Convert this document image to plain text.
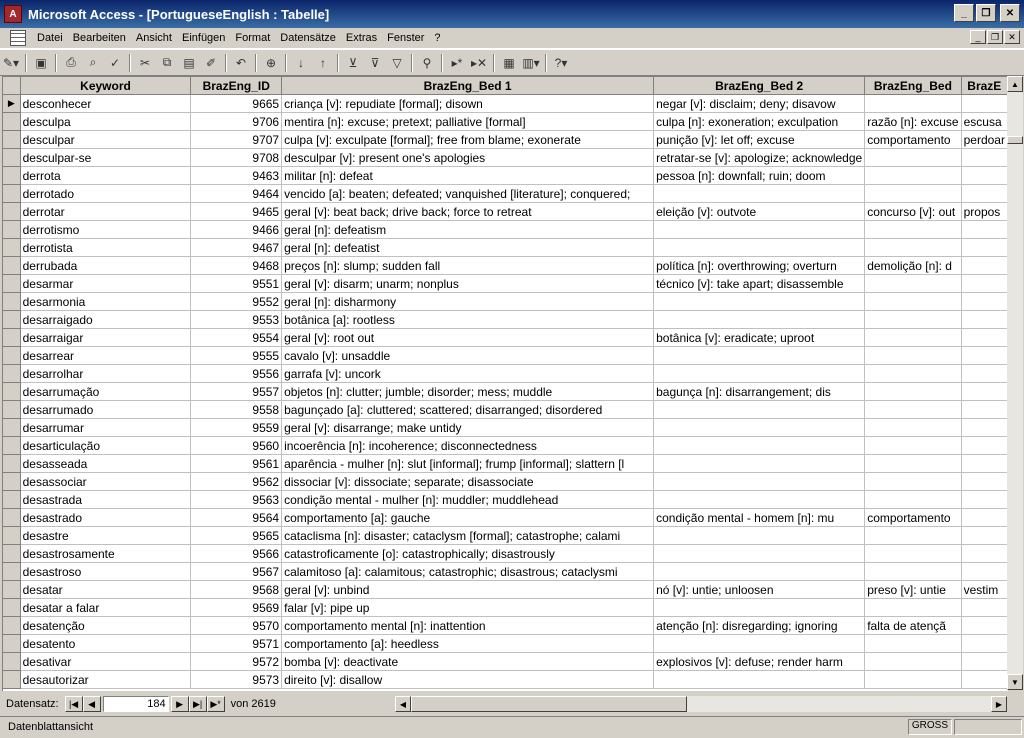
A Microsoft Access - [PortugueseEnglish : Tabelle]	_	❐	✕
Datei Bearbeiten Ansicht Einfügen Format Datensätze Extras Fenster ?	_	❐	✕
✎▾	▣	⎙	⌕	✓	✂	⧉	▤ ✐	↶	⊕	↓	↑	⊻	⊽	▽	⚲	▸* ▸✕	▦ ▥▾	?▾
	Keyword	BrazEng_ID	BrazEng_Bed 1	BrazEng_Bed 2	BrazEng_Bed	BrazE
▶	desconhecer	9665	criança [v]: repudiate [formal]; disown	negar [v]: disclaim; deny; disavow		
	desculpa	9706	mentira [n]: excuse; pretext; palliative [formal]	culpa [n]: exoneration; exculpation	razão [n]: excuse	escusa
	desculpar	9707	culpa [v]: exculpate [formal]; free from blame; exonerate	punição [v]: let off; excuse	comportamento	perdoar
	desculpar-se	9708	desculpar [v]: present one's apologies	retratar-se [v]: apologize; acknowledge		
	derrota	9463	militar [n]: defeat	pessoa [n]: downfall; ruin; doom		
	derrotado	9464	vencido [a]: beaten; defeated; vanquished [literature]; conquered;			
	derrotar	9465	geral [v]: beat back; drive back; force to retreat	eleição [v]: outvote	concurso [v]: out	propos
	derrotismo	9466	geral [n]: defeatism			
	derrotista	9467	geral [n]: defeatist			
	derrubada	9468	preços [n]: slump; sudden fall	política [n]: overthrowing; overturn	demolição [n]: d	
	desarmar	9551	geral [v]: disarm; unarm; nonplus	técnico [v]: take apart; disassemble		
	desarmonia	9552	geral [n]: disharmony			
	desarraigado	9553	botânica [a]: rootless			
	desarraigar	9554	geral [v]: root out	botânica [v]: eradicate; uproot		
	desarrear	9555	cavalo [v]: unsaddle			
	desarrolhar	9556	garrafa [v]: uncork			
	desarrumação	9557	objetos [n]: clutter; jumble; disorder; mess; muddle	bagunça [n]: disarrangement; dis		
	desarrumado	9558	bagunçado [a]: cluttered; scattered; disarranged; disordered			
	desarrumar	9559	geral [v]: disarrange; make untidy			
	desarticulação	9560	incoerência [n]: incoherence; disconnectedness			
	desasseada	9561	aparência - mulher [n]: slut [informal]; frump [informal]; slattern [l			
	desassociar	9562	dissociar [v]: dissociate; separate; disassociate			
	desastrada	9563	condição mental - mulher [n]: muddler; muddlehead			
	desastrado	9564	comportamento [a]: gauche	condição mental - homem [n]: mu	comportamento	
	desastre	9565	cataclisma [n]: disaster; cataclysm [formal]; catastrophe; calami			
	desastrosamente	9566	catastroficamente [o]: catastrophically; disastrously			
	desastroso	9567	calamitoso [a]: calamitous; catastrophic; disastrous; cataclysmi			
	desatar	9568	geral [v]: unbind	nó [v]: untie; unloosen	preso [v]: untie	vestim
	desatar a falar	9569	falar [v]: pipe up			
	desatenção	9570	comportamento mental [n]: inattention	atenção [n]: disregarding; ignoring	falta de atençã	
	desatento	9571	comportamento [a]: heedless			
	desativar	9572	bomba [v]: deactivate	explosivos [v]: defuse; render harm		
	desautorizar	9573	direito [v]: disallow			
▲
▼
Datensatz:	|◀	◀
184	▶	▶| ▶* von 2619	◀	▶
Datenblattansicht	GROSS
